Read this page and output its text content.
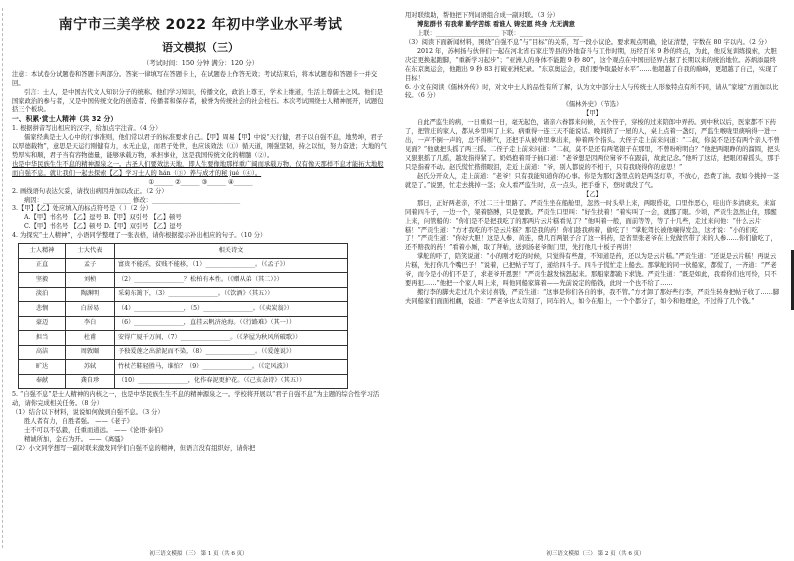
南宁市三美学校 2022 年初中学业水平考试
语文模拟（三）
（考试时间：150 分钟 满分：120 分）

注意：本试卷分试题卷和答题卡两部分。答案一律填写在答题卡上，在试题卷上作答无效；考试结束后，将本试题卷和答题卡一并交回。

引言：士人，是中国古代文人知识分子的统称。他们学习知识，传播文化，政治上尊王，学术上维道，生活上尊儒士之风。他们是国家政治的参与者，又是中国传统文化的创造者、传播者和保存者，被誉为传统社会的社会柱石。本次考试围绕士人精神展开，试题包括三个板块。

一、积累·赏士人精神（共 32 分）

1. 根据拼音写出相应的汉字，给加点字注音。（4 分）

儒家经典是士人心中的行事准则，他们常以君子的标准要求自己。【甲】周易【甲】中说“天行健，君子以自强不息，地势坤，君子以厚德载物”，意思是天运行刚健有力，永无止息，而君子处世，也应该效法（①）循天道，刚强坚韧，持之以恒，努力奋进；大地的气势厚实和顺，君子当有容物德量，能够承载万物，承担事业，这是我国传统文化的精髓（②）。

也是中华民族生生不息的精神源泉之一。古圣人们要效法天地，即人生要像地那样重广阔而承载万物，仅有像天那样不息才能拓大地般而自强不息。就让我们一起去探索【乙】学习士人的 hán（③）养与成才的秘 jué（④）。

①______ ②______ ③______ ④______

2. 画线语句表达欠妥，请找出病因并加以改正。（2 分）

病因：____________________________ 修改：____________________________

3.【甲】【乙】处应填入的标点符号是（ ）（2 分）

A.【甲】书名号 【乙】逗号 B.【甲】双引号 【乙】顿号

C.【甲】书名号 【乙】顿号 D.【甲】双引号 【乙】逗号

4. 为探究“士人精神”，小语同学整理了一张表格，请你根据提示补出相应的句子。（10 分）

士人精神	士大代表	相关诗文
正直	孟子	富贵不能淫，贫贱不能移，（1）________________。（《孟子》）
坚毅	刘桢	（2）________________？松柏有本性。（《赠从弟（其二）》）
淡泊	陶渊明	采菊东篱下，（3）________________。（《饮酒》（其五））
悲悯	白居易	（4）________________，（5）________________。（《卖炭翁》）
豪迈	李白	（6）________________，直挂云帆济沧海。（《行路难》（其一））
担当	杜甫	安得广厦千万间，（7）________________。（《茅屋为秋风所破歌》）
高洁	周敦颐	予独爱莲之出淤泥而不染，（8）________________。（《爱莲说》）
旷达	苏轼	竹杖芒鞋轻胜马，谁怕？（9）________________。（《定风波》）
奉献	龚自珍	（10）________________，化作春泥更护花。（《己亥杂诗》（其五））

5. “自强不息”是士人精神的内核之一，也是中华民族生生不息的精神源泉之一。学校将开展以“君子自强不息”为主题的综合性学习活动，请你完成相关任务。（8 分）

（1）结合以下材料，说说如何做到自强不息。（3 分）

胜人者有力，自胜者强。 ——《老子》

士不可以不弘毅，任重而道远。 ——《论语·泰伯》

精诚所加，金石为开。 ——《离骚》

（2）小文同学想写一副对联来激发同学们自强不息的精神，但语言没有组织好，请你把

初三语文模拟（三） 第 1 页（共 6 页）

用对联续助，帮他把下列词语组合成一副对联。（3 分）

博览群书 有我辈 勤学苦练 看谁人 铸宏愿 终身 尤无满意

上联：____________________ 下联：____________________

（3）阅读下面新闻材料，围绕“自强不息”与“目标”的关系，写一段小议论。要求观点明确，论证清楚，字数在 80 字以内。（2 分）

2012 年，苏柯扬与伙伴们一起在河北省石家庄等县的外地奋斗与工作时期，历经百米 9 秒的终点，为此，他反复训练摸索，大胆决定更换起跑脚，“重新学习起步”；“亚洲人的身体不能跑 9 秒 80”，这个观点在中国田径界占据了长期以来的统治地位。苏炳添最终在东京奥运会，他跑出 9 秒 83 打破亚洲纪录。“东京奥运会，我们要争取最好水平”……他超越了自我的巅峰，更超越了自己，实现了目标！

6. 小文在阅读《儒林外传》时，对文中士人的品性有所了解，认为文中部分士人与传统士人形象特点有所不同，请从“家境”方面加以比较。（6 分）

《儒林外史》（节选）

【甲】

自此严监生的病，一日重似一日，毫无起色，诸亲六眷都来问候，五个侄子，穿梭的过来陪郎中弄药。到中秋以后，医家都不下药了，把管庄的家人，都从乡里叫了上来。病重得一连三天不能说话。晚间挤了一屋的人，桌上点着一盏灯，严监生喉咙里痰响得一进一出，一声不倒一声的，总不得断气，还把手从被单里拿出来，伸着两个指头。大侄子走上前来问道：“二叔，你莫不是还有两个亲人不曾见面？”他就把头摇了两三摇。二侄子走上前来问道：“二叔，莫不是还有两笔银子在那里，不曾吩咐明白？”他把两眼睁的的溜圆，把头又狠狠摇了几摇，越发指得紧了。奶妈抱着哥子插口道：“老爷想是因两位舅爷不在跟前，故此记念。”他听了这话，把眼闭着摇头，那手只是指着不动。赵氏慌忙揩揩眼泪，走近上前道：“爷，别人都说的不相干，只有我晓得你的意思！”

赵氏分开众人，走上前道：“老爷！只有我能知道你的心事。你是为那灯盏里点的是两茎灯草，不放心，恐费了油。我如今挑掉一茎就是了。”说罢，忙走去挑掉一茎；众人看严监生时，点一点头，把手垂下，登时就没了气。

【乙】

那日，正好两老亲，不过二三十里路了。严贡生坐在船舱里，忽然一时头晕上来，两眼昏花，口里作恶心，哇出许多清痰来。来富同着四斗子，一边一个，架着胳膊，只是要跌。严贡生口里叫：“好生扶着！”着实叫了一会，就挪了眼。少顷，严贡生忽然止住，那醒上来，问管船的：“你们是不是把我吃了的那两片云片糕看见了？”他叫着一般，面前等等，等了十几些，走过来问他：“什么云片糕！”严贡生道：“方才我吃的不是云片糕？那是我的药！你们趁我病着，偷吃了！”掌舵驾长被他嚷得发急，这才说：“小的们吃了！”严贡生道：“你好大胆！这是人参、黄连，费几百两银子合了这一料药，是省里张老爷在上党做官带了来的人参……你们偷吃了，还不赔我的药！”看着小厮，取了拜帖，送到汤老爷衙门里，先打他几十板子再讲！

掌舵的吓了，陪笑说道：“小的刚才吃的时候，只觉得有些甜，不知道是药，还以为是云片糕。”严贡生道：“还说是云片糕！再说云片糕，先打你几个嘴巴子！”说着，已把帖子写了，递给四斗子。四斗子慌忙走上船去。那掌舵的同一伙船家，都慌了，一齐道：“严老爷，而今是小的们不是了，求老爷开恩罢！”严贡生越发恼怒起来。那船家都跪下求饶。严贡生道：“既是如此，我看你们也可怜，只不要再犯……”他把一个家人叫上来，叫他同船家算着——先前说定的船钱，此时一个也不给了……

搬行李的脚夫走过几个来讨喜钱，严贡生道：“这事是你们各自的事，我不管。”方才卸了那好些行李，严贡生转身把帖子收了……脚夫同船家们面面相觑，说道：“严老爷也太苛刻了，同车的人，如今在船上，一个个都分了，如今和他理论，不过得了几个钱。”

初三语文模拟（三） 第 2 页（共 6 页）
